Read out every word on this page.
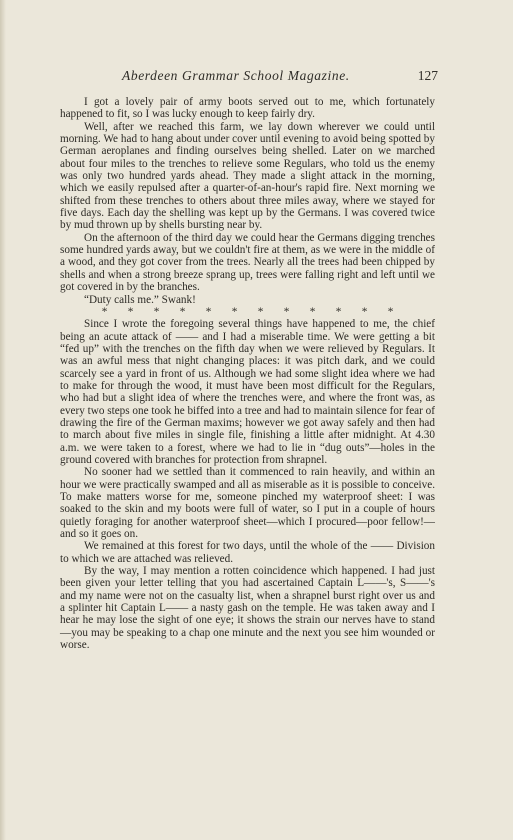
Aberdeen Grammar School Magazine.	127

I got a lovely pair of army boots served out to me, which fortunately happened to fit, so I was lucky enough to keep fairly dry.

Well, after we reached this farm, we lay down wherever we could until morning. We had to hang about under cover until evening to avoid being spotted by German aeroplanes and finding ourselves being shelled. Later on we marched about four miles to the trenches to relieve some Regulars, who told us the enemy was only two hundred yards ahead. They made a slight attack in the morning, which we easily repulsed after a quarter-of-an-hour's rapid fire. Next morning we shifted from these trenches to others about three miles away, where we stayed for five days. Each day the shelling was kept up by the Germans. I was covered twice by mud thrown up by shells bursting near by.

On the afternoon of the third day we could hear the Germans digging trenches some hundred yards away, but we couldn't fire at them, as we were in the middle of a wood, and they got cover from the trees. Nearly all the trees had been chipped by shells and when a strong breeze sprang up, trees were falling right and left until we got covered in by the branches.

“Duty calls me.” Swank!

* * * * * * * * * * * *

Since I wrote the foregoing several things have happened to me, the chief being an acute attack of —— and I had a miserable time. We were getting a bit “fed up” with the trenches on the fifth day when we were relieved by Regulars. It was an awful mess that night changing places: it was pitch dark, and we could scarcely see a yard in front of us. Although we had some slight idea where we had to make for through the wood, it must have been most difficult for the Regulars, who had but a slight idea of where the trenches were, and where the front was, as every two steps one took he biffed into a tree and had to maintain silence for fear of drawing the fire of the German maxims; however we got away safely and then had to march about five miles in single file, finishing a little after midnight. At 4.30 a.m. we were taken to a forest, where we had to lie in “dug outs”—holes in the ground covered with branches for protection from shrapnel.

No sooner had we settled than it commenced to rain heavily, and within an hour we were practically swamped and all as miserable as it is possible to conceive. To make matters worse for me, someone pinched my waterproof sheet: I was soaked to the skin and my boots were full of water, so I put in a couple of hours quietly foraging for another waterproof sheet—which I procured—poor fellow!—and so it goes on.

We remained at this forest for two days, until the whole of the —— Division to which we are attached was relieved.

By the way, I may mention a rotten coincidence which happened. I had just been given your letter telling that you had ascertained Captain L——'s, S——'s and my name were not on the casualty list, when a shrapnel burst right over us and a splinter hit Captain L—— a nasty gash on the temple. He was taken away and I hear he may lose the sight of one eye; it shows the strain our nerves have to stand—you may be speaking to a chap one minute and the next you see him wounded or worse.
